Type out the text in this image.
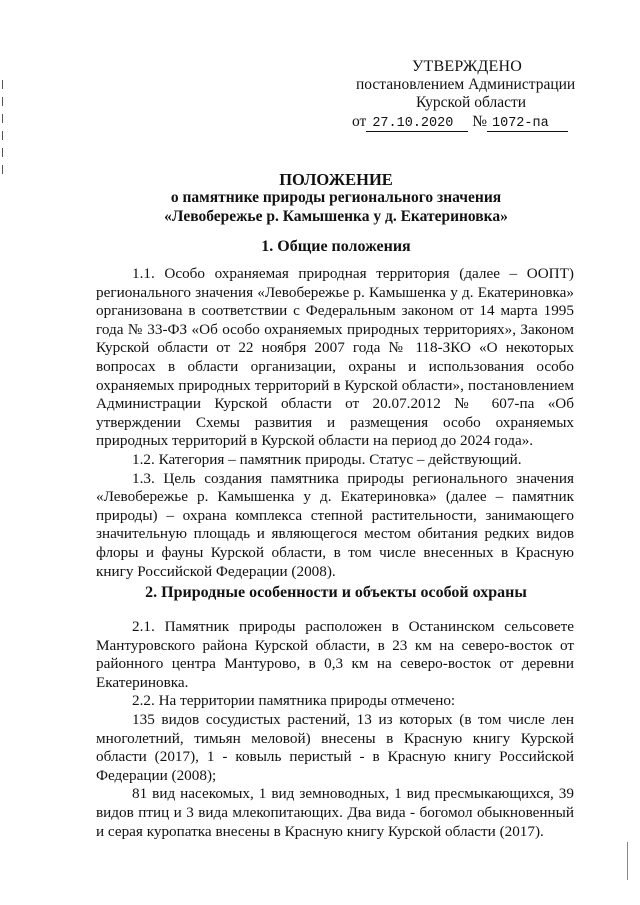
УТВЕРЖДЕНО
постановлением Администрации
Курской области
от 27.10.2020 № 1072-па
ПОЛОЖЕНИЕ
о памятнике природы регионального значения
«Левобережье р. Камышенка у д. Екатериновка»
1. Общие положения

1.1. Особо охраняемая природная территория (далее – ООПТ) регионального значения «Левобережье р. Камышенка у д. Екатериновка» организована в соответствии с Федеральным законом от 14 марта 1995 года № 33-ФЗ «Об особо охраняемых природных территориях», Законом Курской области от 22 ноября 2007 года № 118-ЗКО «О некоторых вопросах в области организации, охраны и использования особо охраняемых природных территорий в Курской области», постановлением Администрации Курской области от 20.07.2012 № 607-па «Об утверждении Схемы развития и размещения особо охраняемых природных территорий в Курской области на период до 2024 года».

1.2. Категория – памятник природы. Статус – действующий.

1.3. Цель создания памятника природы регионального значения «Левобережье р. Камышенка у д. Екатериновка» (далее – памятник природы) – охрана комплекса степной растительности, занимающего значительную площадь и являющегося местом обитания редких видов флоры и фауны Курской области, в том числе внесенных в Красную книгу Российской Федерации (2008).

2. Природные особенности и объекты особой охраны

2.1. Памятник природы расположен в Останинском сельсовете Мантуровского района Курской области, в 23 км на северо-восток от районного центра Мантурово, в 0,3 км на северо-восток от деревни Екатериновка.

2.2. На территории памятника природы отмечено:

135 видов сосудистых растений, 13 из которых (в том числе лен многолетний, тимьян меловой) внесены в Красную книгу Курской области (2017), 1 - ковыль перистый - в Красную книгу Российской Федерации (2008);

81 вид насекомых, 1 вид земноводных, 1 вид пресмыкающихся, 39 видов птиц и 3 вида млекопитающих. Два вида - богомол обыкновенный и серая куропатка внесены в Красную книгу Курской области (2017).
